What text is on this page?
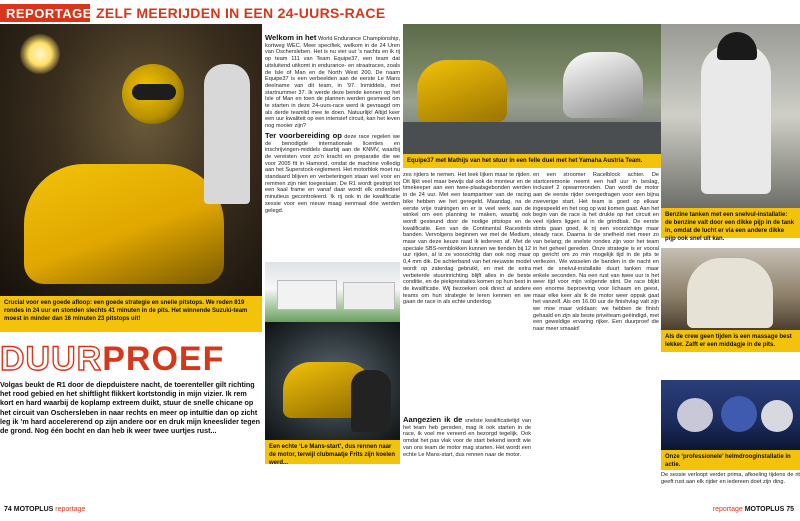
REPORTAGE ZELF MEERIJDEN IN EEN 24-UURS-RACE
Crucial voor een goede afloop: een goede strategie en snelle pitstops. We reden 819 rondes in 24 uur en stonden slechts 41 minuten in de pits. Het winnende Suzuki-team moest in minder dan 16 minuten 23 pitstops uit!
Equipe37 met Mathijs van het stuur in een felle duel met het Yamaha Austria Team.
Benzine tanken met een snelvul-installatie: de benzine valt door een dikke pijp in de tank in, omdat de lucht er via een andere dikke pijp ook snel uit kan.
Een echte ‘Le Mans-start’, dus rennen naar de motor, terwijl clubmaatje Frits zijn koelen werd...
Als de crew geen tijden is een massage best lekker. Zalft er een middagje in de pits.
Onze ‘professionele’ helmdrooginstallatie in actie.
DUURPROEF
Volgas beukt de R1 door de diepduistere nacht, de toerenteller gilt richting het rood gebied en het shiftlight flikkert kortstondig in mijn vizier. Ik rem kort en hard waarbij de koplamp extreem duikt, stuur de snelle chicane op het circuit van Oschersleben in naar rechts en meer op intuïtie dan op zicht leg ik ’m hard accelererend op zijn andere oor en druk mijn kneeslider tegen de grond. Nog één bocht en dan heb ik weer twee uurtjes rust...

Welkom in het World Endurance Championship, kortweg WEC. Meer specifiek, welkom in de 24 Uren van Oschersleben. Het is nu vier uur ’s nachts en ik rij op team 111 van Team Equipe37, een team dat uitsluitend uitkomt in endurance- en straatraces, zoals de Isle of Man en de North West 200. De naam Equipe37 is een verbeelden aan de eerste Le Mans deelname van dit team, in ’97. Inmiddels, met startnummer 37. Ik werde deze bende kennen op het Isle of Man en toen de plannen werden gesmeed om te starten in deze 24-uurs-race werd ik gevraagd om als derde teamlid mee te doen. Natuurlijk! Altijd keer een uur kwaliteit op een intensief circuit, kan het leven nog mooier zijn?

Ter voorbereiding op deze race regelen we de benodigde internationale licenties en inschrijvingen-middels daarbij aan de KNMV, waarbij de vereisten voor zo'n kracht en preparatie die we voor 2005 fit in Hamond, omdat de machine volledig aan het Superstock-reglement. Het motorblok moet nu standaard blijven en verbeteringen staan wel voor en remmen zijn niet toegestaan. De R1 wordt gestript tot een kaal frame en vanaf daar wordt elk onderdeel minutieus gecontroleerd. Ik rij ook in de kwalificatie sessie voor een nieuw maag eenmaal drie werden gelegd.

zes rijders te nemen. Het leek lijken maar te rijden. Dit lijkt veel maar bewijs dat ook de monteur en de timekeeper aan een twee-plaatsgebonden werden in de 24 uur. Met een teampartner van de racing bike hebben we het geregeld. Maandag, na de eerste vrije trainingen en er is veel werk aan de winkel om een planning te maken, waarbij ook wordt gesteund door de nodige pitstops en de kwalificatie. Een van de Continental Racestints banden. Vervolgens beginnen we met de Medium, maar van deze keuze raad ik iedereen af. Met de speciale SBS-remblokken kunnen we tienden bij 12 uur rijden, al is ze voorzichtig dan ook nog maar 0,4 mm dik. De achterband van het nieuwste model wordt op zaterdag gebruikt, en met de extra verbeterde stuurinrichting blijft alles in de beste conditie, en de piekprestaties komen op hun best in de kwalificatie. Wij bezoeken ook direct al andere teams om hun strategie te leren kennen en we gaan de race in als echte underdog.

Aangezien ik de snelste kwalificatietijd van het team heb gereden, mag ik ook starten in de race, ik voel me vereerd en bezorgd tegelijk. Ook omdat het pas vlak voor de start bekend wordt wie van ons team de motor mag starten. Het wordt een echte Le Mans-start, dus rennen naar de motor.

en een stroomer Racelblock achter. De startceremonie neemt een half uur in beslag, inclusief 2 opwarmronden. Dan wordt de motor aan de eerste rijder overgedragen voor een bijna zweverige start. Het team is goed op elkaar ingespeeld en het oog op wat komen gaat. Aan het begin van de race is het drukte op het circuit en veel rijders liggen al in de grindbak. De eerste stints gaan goed, ik rij een voorzichtige maar steady race. Daarna is de snelheid niet meer zo van belang; de snelste rondes zijn voor het team in het geheel gereden. Onze strategie is er vooral op gericht om zo min mogelijk tijd in de pits te verliezen. We wisselen de banden in de nacht en met de snelvul-installatie duurt tanken maar enkele seconden. Na een rust van twee uur is het weer tijd voor mijn volgende stint. De race blijkt een enorme beproeving voor lichaam en geest, maar elke keer als ik de motor weer oppak gaat het vanzelf. Als om 16.00 uur de finishvlag valt zijn we moe maar voldaan: we hebben de finish gehaald en zijn als beste privéteam geëindigd, met een geweldige ervaring rijker. Een duurproef die naar meer smaakt!

De sessie verloopt verder prima, afkoeling tijdens de rit geeft rust aan elk rijder en iedereen doet zijn ding.

74 MOTOPLUS reportage	reportage MOTOPLUS 75
